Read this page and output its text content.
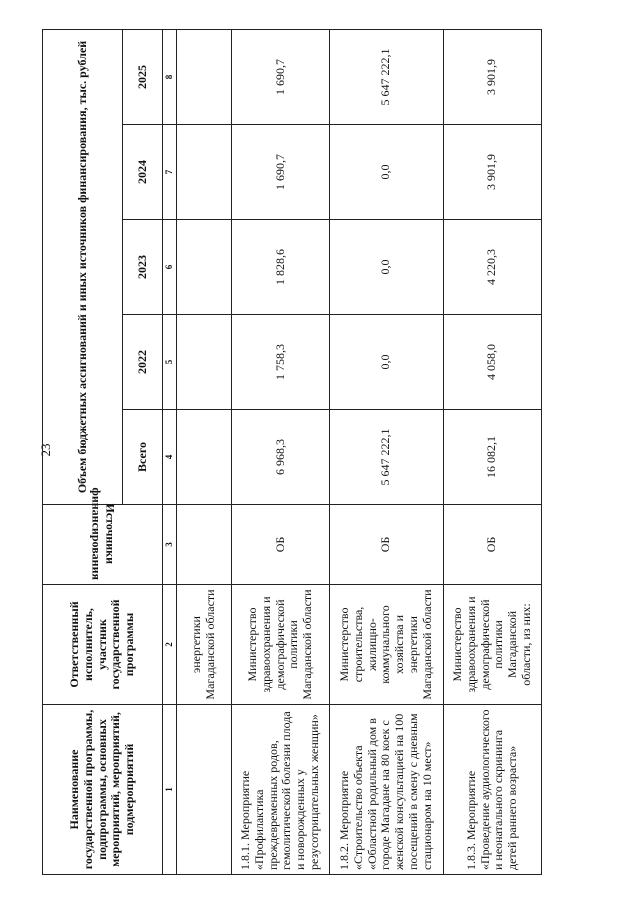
23
Наименование государственной программы, подпрограммы, основных мероприятий, мероприятий, подмероприятий	Ответственный исполнитель, участник государственной программы	Источники финансирования	Объем бюджетных ассигнований и иных источников финансирования, тыс. рублей				
			Всего	2022	2023	2024	2025
1	2	3	4	5	6	7	8
	энергетики Магаданской области						
1.8.1. Мероприятие «Профилактика преждевременных родов, гемолитической болезни плода и новорожденных у резусотрицательных женщин»	Министерство здравоохранения и демографической политики Магаданской области	ОБ	6 968,3	1 758,3	1 828,6	1 690,7	1 690,7
1.8.2. Мероприятие «Строительство объекта «Областной родильный дом в городе Магадане на 80 коек с женской консультацией на 100 посещений в смену с дневным стационаром на 10 мест»	Министерство строительства, жилищно-коммунального хозяйства и энергетики Магаданской области	ОБ	5 647 222,1	0,0	0,0	0,0	5 647 222,1
1.8.3. Мероприятие «Проведение аудиологического и неонатального скрининга детей раннего возраста»	Министерство здравоохранения и демографической политики Магаданской области, из них:	ОБ	16 082,1	4 058,0	4 220,3	3 901,9	3 901,9
